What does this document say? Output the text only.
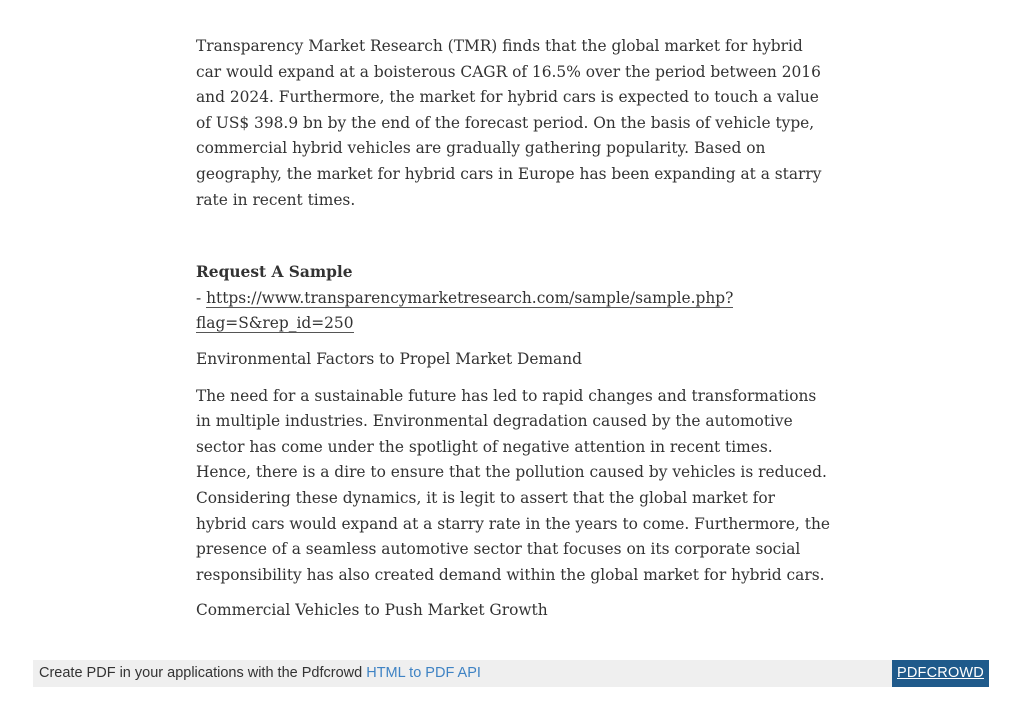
Transparency Market Research (TMR) finds that the global market for hybrid car would expand at a boisterous CAGR of 16.5% over the period between 2016 and 2024. Furthermore, the market for hybrid cars is expected to touch a value of US$ 398.9 bn by the end of the forecast period. On the basis of vehicle type, commercial hybrid vehicles are gradually gathering popularity. Based on geography, the market for hybrid cars in Europe has been expanding at a starry rate in recent times.

Request A Sample
- https://www.transparencymarketresearch.com/sample/sample.php?flag=S&rep_id=250

Environmental Factors to Propel Market Demand

The need for a sustainable future has led to rapid changes and transformations in multiple industries. Environmental degradation caused by the automotive sector has come under the spotlight of negative attention in recent times. Hence, there is a dire to ensure that the pollution caused by vehicles is reduced. Considering these dynamics, it is legit to assert that the global market for hybrid cars would expand at a starry rate in the years to come. Furthermore, the presence of a seamless automotive sector that focuses on its corporate social responsibility has also created demand within the global market for hybrid cars.

Commercial Vehicles to Push Market Growth

Create PDF in your applications with the Pdfcrowd HTML to PDF API	PDFCROWD
